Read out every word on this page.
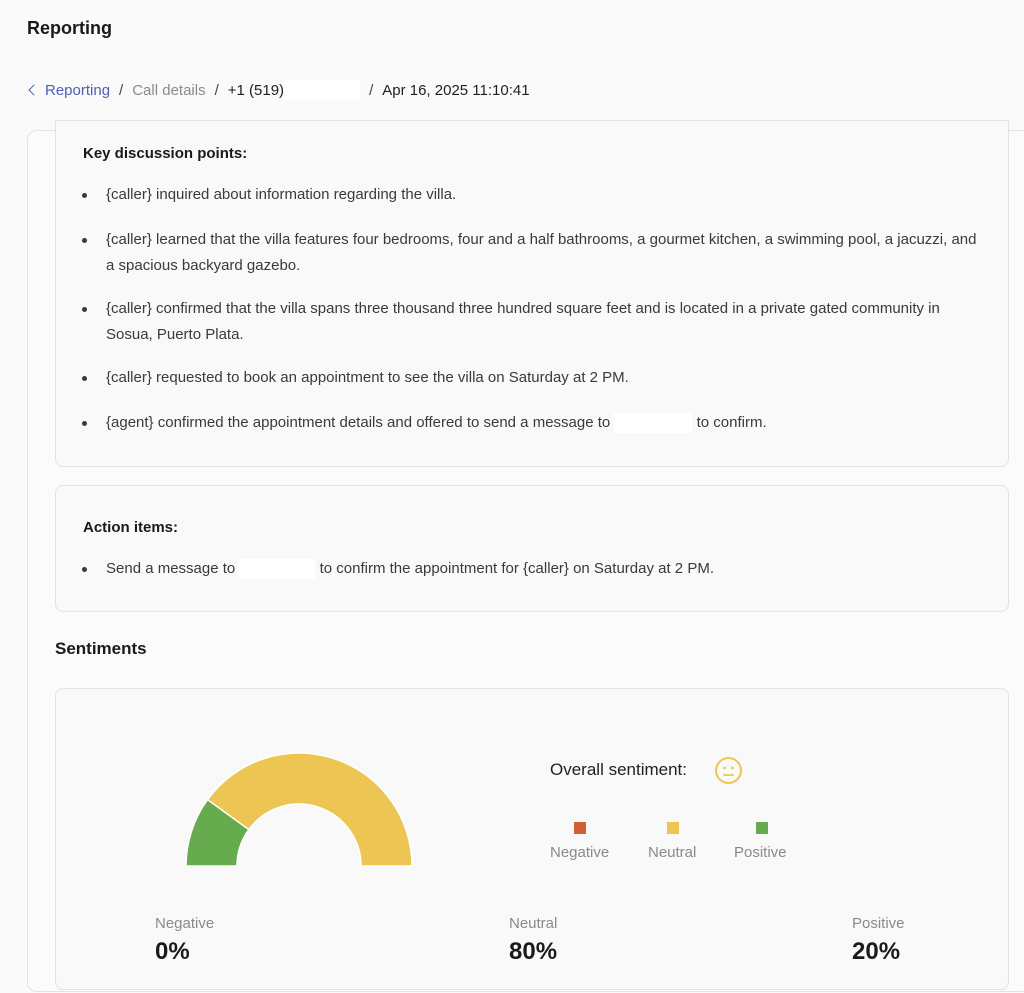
Reporting
Reporting / Call details / +1 (519)	/ Apr 16, 2025 11:10:41
Key discussion points:
{caller} inquired about information regarding the villa.
{caller} learned that the villa features four bedrooms, four and a half bathrooms, a gourmet kitchen, a swimming pool, a jacuzzi, and a spacious backyard gazebo.
{caller} confirmed that the villa spans three thousand three hundred square feet and is located in a private gated community in Sosua, Puerto Plata.
{caller} requested to book an appointment to see the villa on Saturday at 2 PM.
{agent} confirmed the appointment details and offered to send a message to	to confirm.
Action items:
Send a message to	to confirm the appointment for {caller} on Saturday at 2 PM.
Sentiments
Overall sentiment:
Negative	Neutral	Positive
Negative
0%
Neutral
80%
Positive
20%
